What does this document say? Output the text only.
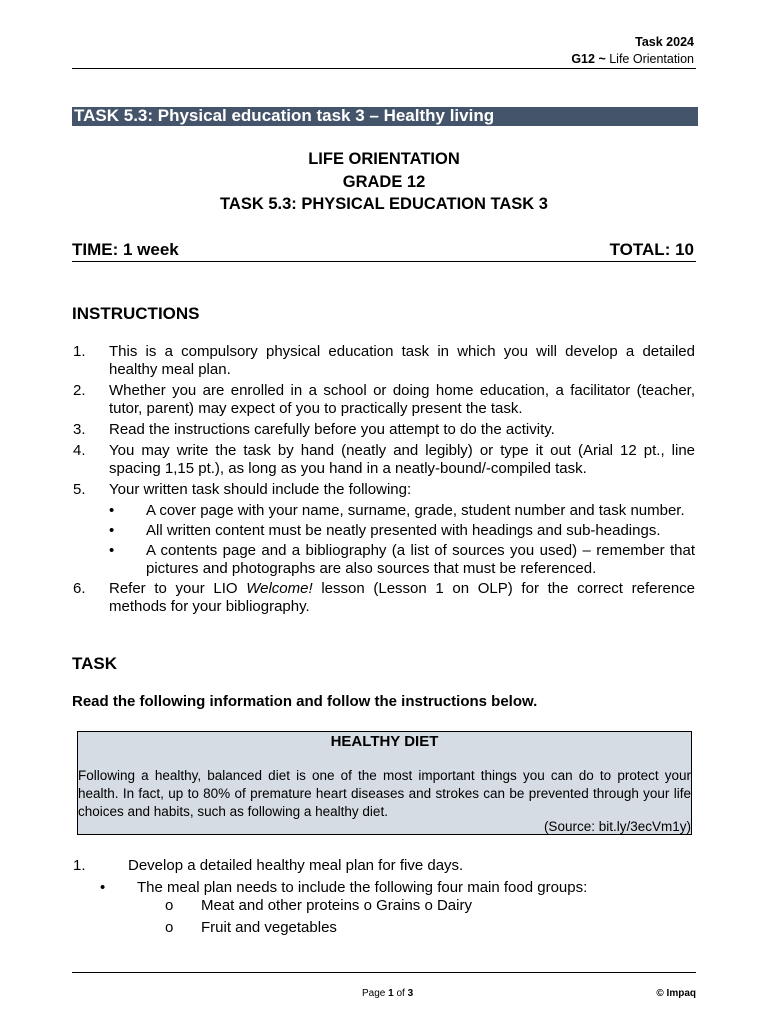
Task 2024
G12 ~ Life Orientation
TASK 5.3: Physical education task 3 – Healthy living
LIFE ORIENTATION
GRADE 12
TASK 5.3: PHYSICAL EDUCATION TASK 3
TIME: 1 week	TOTAL: 10
INSTRUCTIONS
1. This is a compulsory physical education task in which you will develop a detailed healthy meal plan.
2. Whether you are enrolled in a school or doing home education, a facilitator (teacher, tutor, parent) may expect of you to practically present the task.
3. Read the instructions carefully before you attempt to do the activity.
4. You may write the task by hand (neatly and legibly) or type it out (Arial 12 pt., line spacing 1,15 pt.), as long as you hand in a neatly-bound/-compiled task.
5. Your written task should include the following:
• A cover page with your name, surname, grade, student number and task number.
• All written content must be neatly presented with headings and sub-headings.
• A contents page and a bibliography (a list of sources you used) – remember that pictures and photographs are also sources that must be referenced.
6. Refer to your LIO Welcome! lesson (Lesson 1 on OLP) for the correct reference methods for your bibliography.
TASK
Read the following information and follow the instructions below.
HEALTHY DIET
Following a healthy, balanced diet is one of the most important things you can do to protect your health. In fact, up to 80% of premature heart diseases and strokes can be prevented through your life choices and habits, such as following a healthy diet.
(Source: bit.ly/3ecVm1y)
1.	Develop a detailed healthy meal plan for five days.
• The meal plan needs to include the following four main food groups:
o Meat and other proteins o Grains o Dairy
o Fruit and vegetables
Page 1 of 3	© Impaq
